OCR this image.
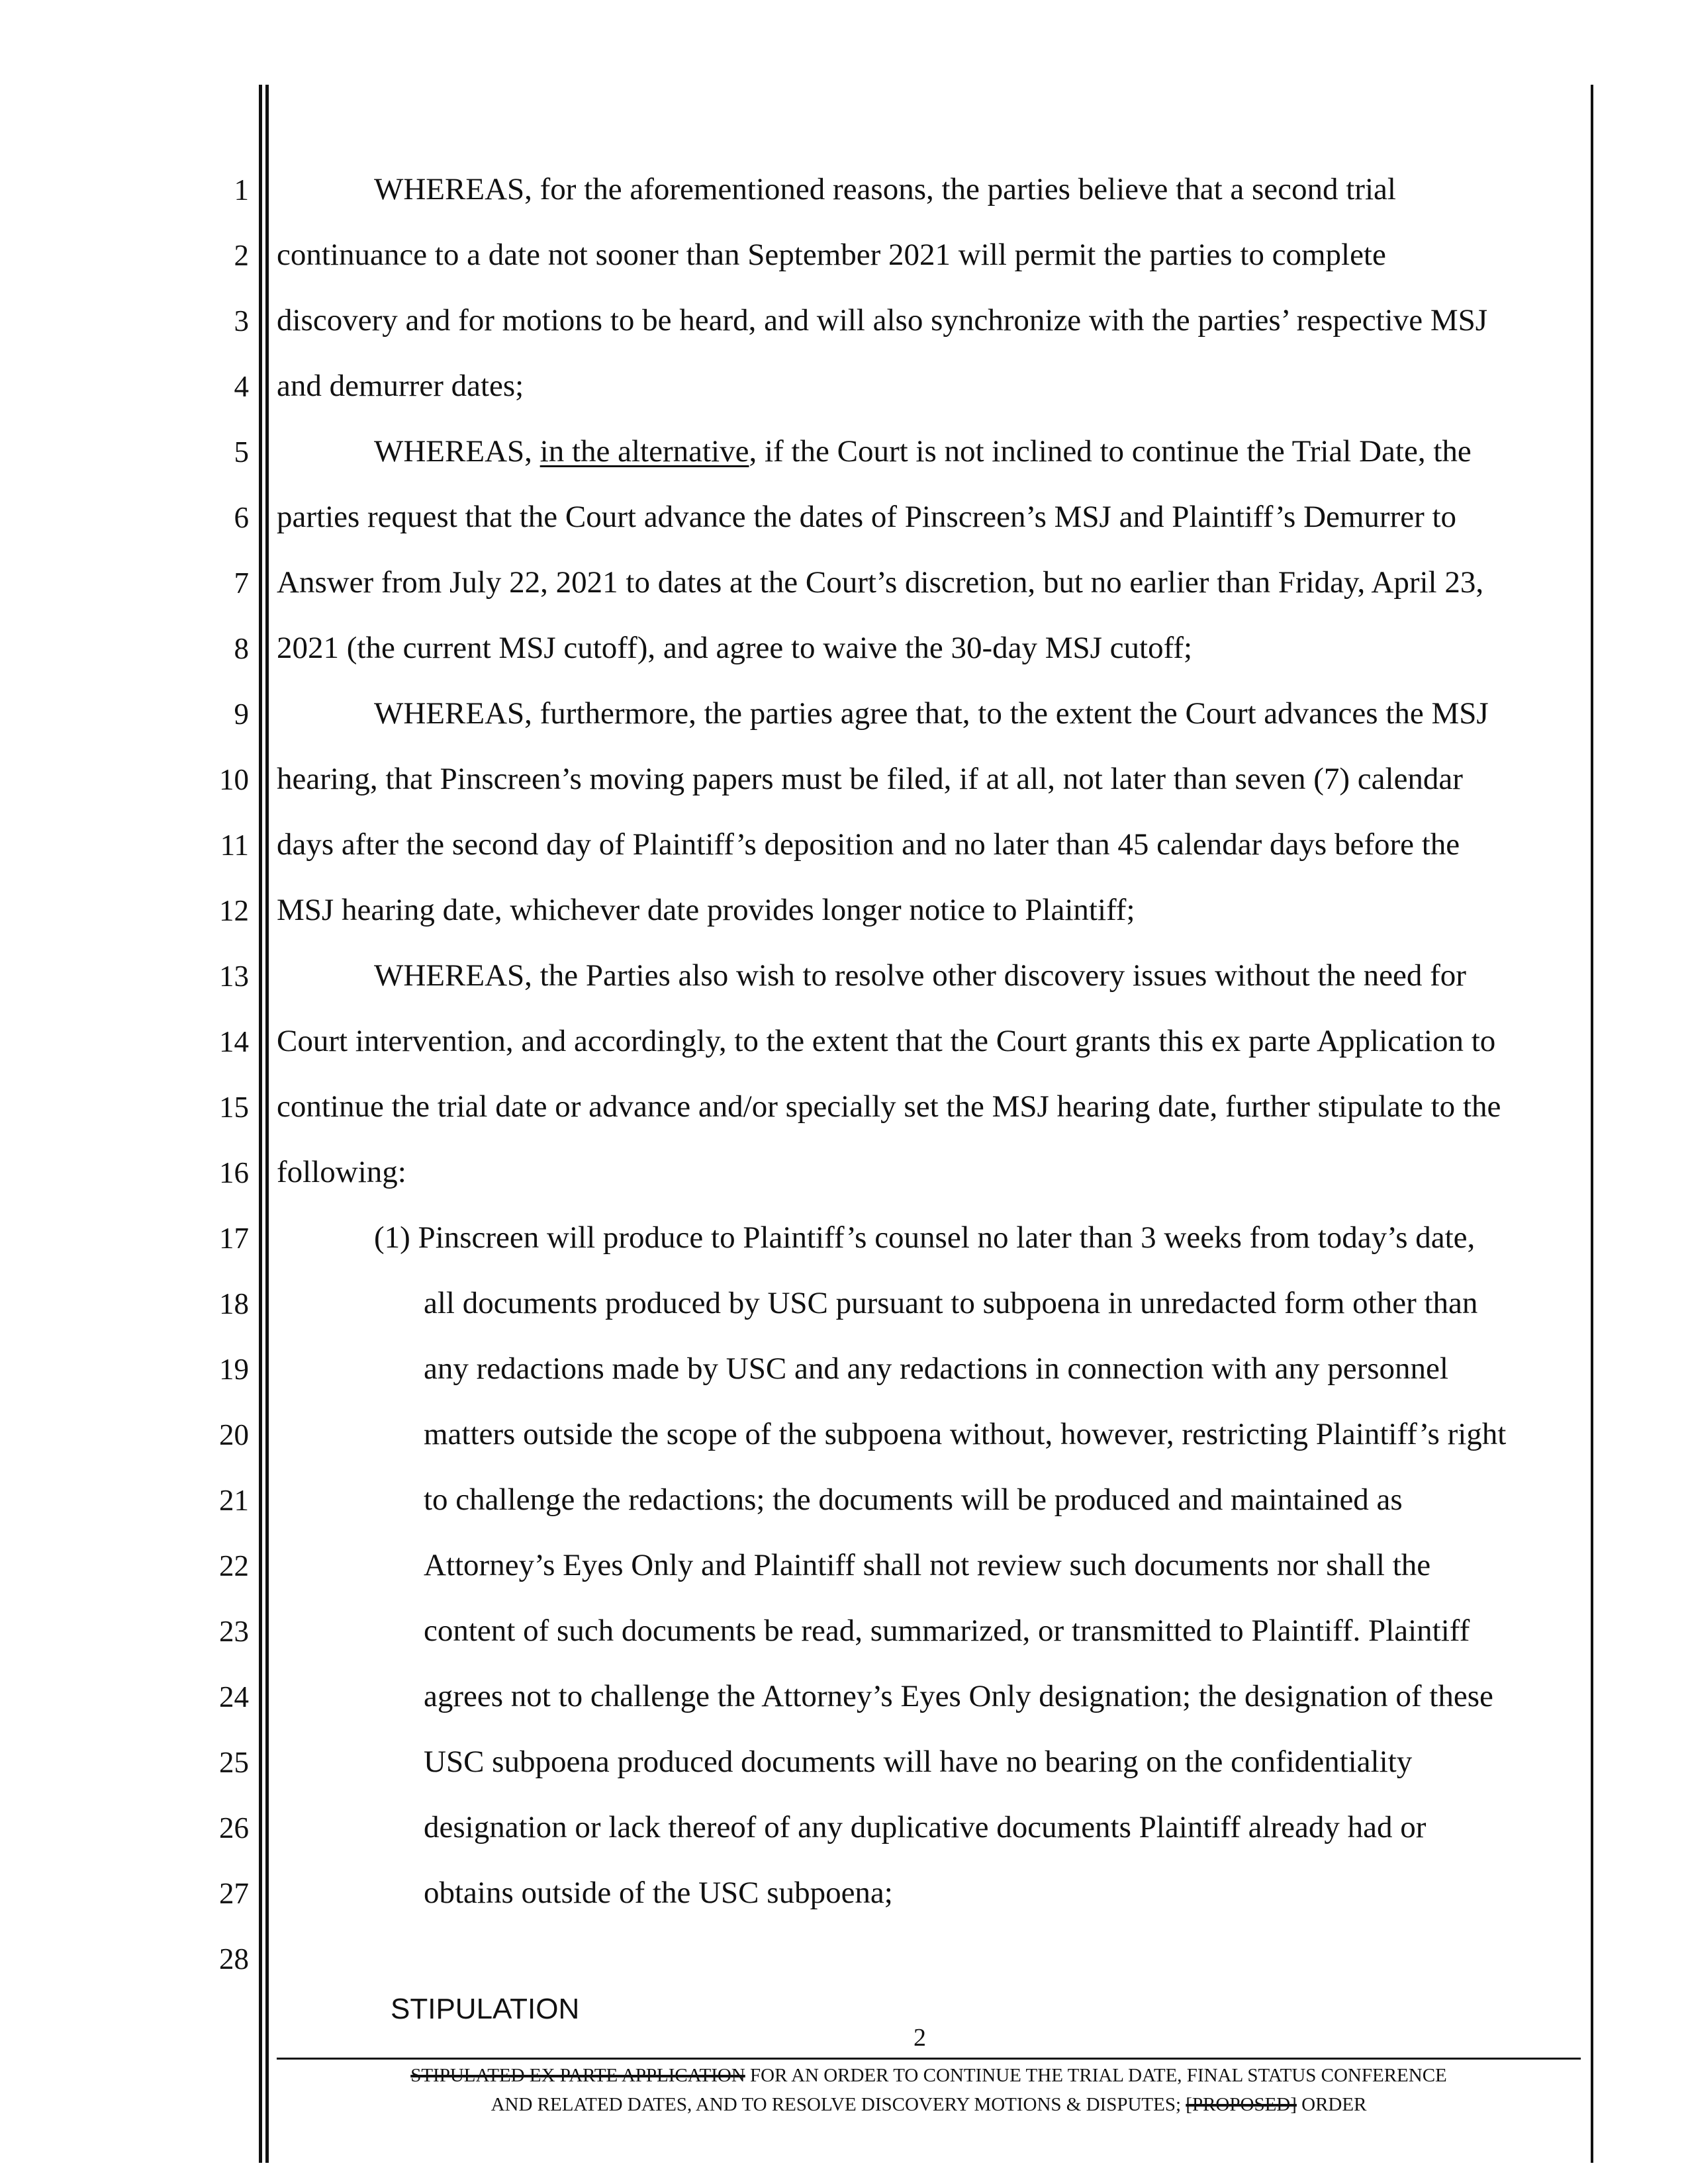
1
2
3
4
5
6
7
8
9
10
11
12
13
14
15
16
17
18
19
20
21
22
23
24
25
26
27
28
WHEREAS, for the aforementioned reasons, the parties believe that a second trial
continuance to a date not sooner than September 2021 will permit the parties to complete
discovery and for motions to be heard, and will also synchronize with the parties’ respective MSJ
and demurrer dates;
WHEREAS, in the alternative, if the Court is not inclined to continue the Trial Date, the
parties request that the Court advance the dates of Pinscreen’s MSJ and Plaintiff’s Demurrer to
Answer from July 22, 2021 to dates at the Court’s discretion, but no earlier than Friday, April 23,
2021 (the current MSJ cutoff), and agree to waive the 30-day MSJ cutoff;
WHEREAS, furthermore, the parties agree that, to the extent the Court advances the MSJ
hearing, that Pinscreen’s moving papers must be filed, if at all, not later than seven (7) calendar
days after the second day of Plaintiff’s deposition and no later than 45 calendar days before the
MSJ hearing date, whichever date provides longer notice to Plaintiff;
WHEREAS, the Parties also wish to resolve other discovery issues without the need for
Court intervention, and accordingly, to the extent that the Court grants this ex parte Application to
continue the trial date or advance and/or specially set the MSJ hearing date, further stipulate to the
following:
(1) Pinscreen will produce to Plaintiff’s counsel no later than 3 weeks from today’s date,
all documents produced by USC pursuant to subpoena in unredacted form other than
any redactions made by USC and any redactions in connection with any personnel
matters outside the scope of the subpoena without, however, restricting Plaintiff’s right
to challenge the redactions; the documents will be produced and maintained as
Attorney’s Eyes Only and Plaintiff shall not review such documents nor shall the
content of such documents be read, summarized, or transmitted to Plaintiff. Plaintiff
agrees not to challenge the Attorney’s Eyes Only designation; the designation of these
USC subpoena produced documents will have no bearing on the confidentiality
designation or lack thereof of any duplicative documents Plaintiff already had or
obtains outside of the USC subpoena;
STIPULATION
2
STIPULATED EX PARTE APPLICATION FOR AN ORDER TO CONTINUE THE TRIAL DATE, FINAL STATUS CONFERENCE
AND RELATED DATES, AND TO RESOLVE DISCOVERY MOTIONS & DISPUTES; [PROPOSED] ORDER
